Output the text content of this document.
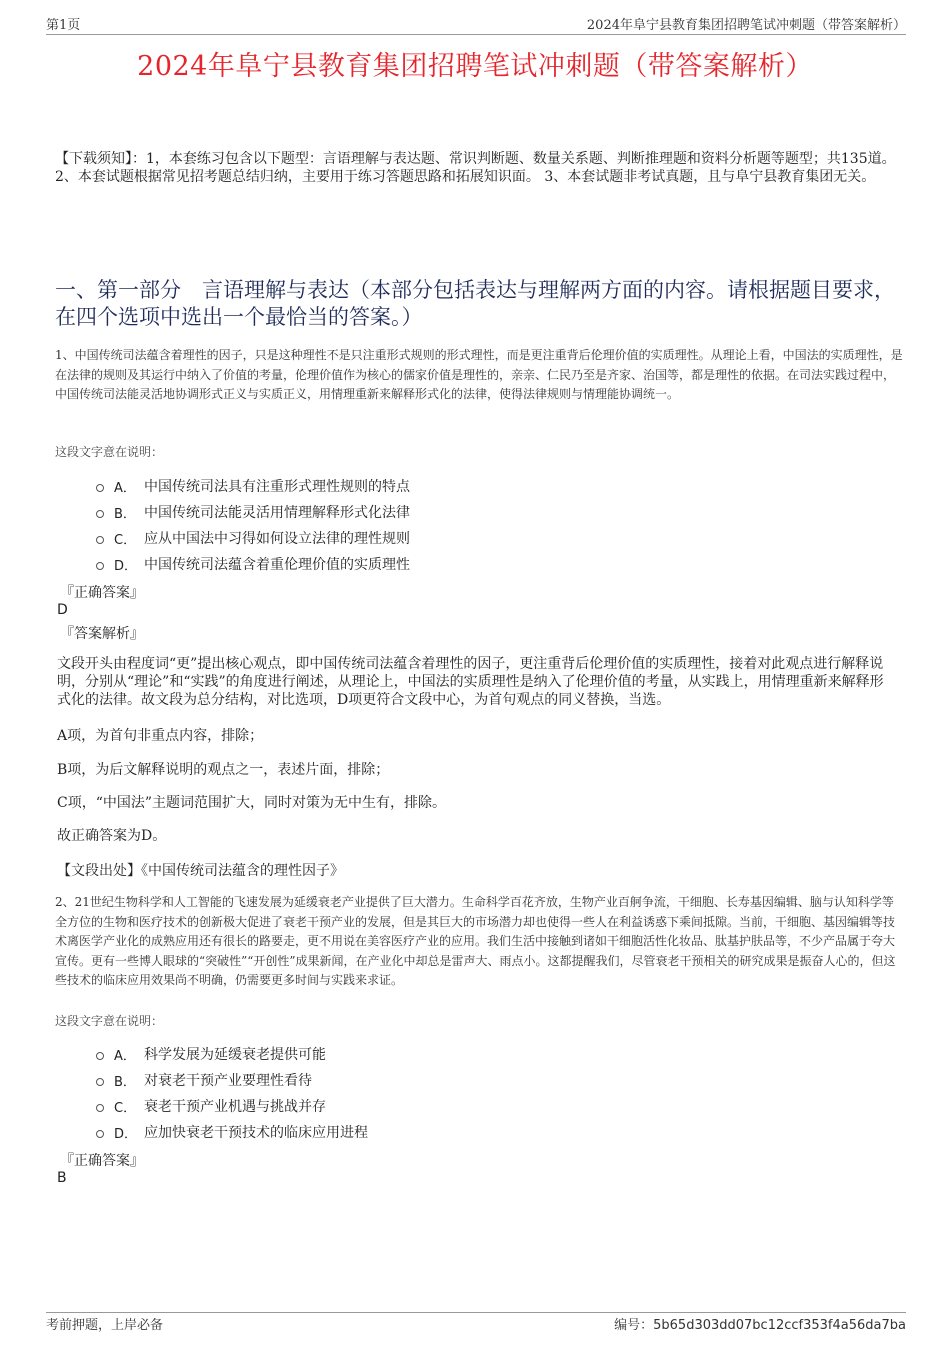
第1页	2024年阜宁县教育集团招聘笔试冲刺题（带答案解析）
2024年阜宁县教育集团招聘笔试冲刺题（带答案解析）
【下载须知】：1，本套练习包含以下题型：言语理解与表达题、常识判断题、数量关系题、判断推理题和资料分析题等题型；共135道。 2、本套试题根据常见招考题总结归纳，主要用于练习答题思路和拓展知识面。 3、本套试题非考试真题，且与阜宁县教育集团无关。
一、第一部分　言语理解与表达（本部分包括表达与理解两方面的内容。请根据题目要求，在四个选项中选出一个最恰当的答案。）
1、中国传统司法蕴含着理性的因子，只是这种理性不是只注重形式规则的形式理性，而是更注重背后伦理价值的实质理性。从理论上看，中国法的实质理性，是在法律的规则及其运行中纳入了价值的考量，伦理价值作为核心的儒家价值是理性的，亲亲、仁民乃至是齐家、治国等，都是理性的依据。在司法实践过程中，中国传统司法能灵活地协调形式正义与实质正义，用情理重新来解释形式化的法律，使得法律规则与情理能协调统一。
这段文字意在说明：
A． 中国传统司法具有注重形式理性规则的特点
B． 中国传统司法能灵活用情理解释形式化法律
C． 应从中国法中习得如何设立法律的理性规则
D． 中国传统司法蕴含着重伦理价值的实质理性
『正确答案』
D
『答案解析』
文段开头由程度词“更”提出核心观点，即中国传统司法蕴含着理性的因子，更注重背后伦理价值的实质理性，接着对此观点进行解释说明，分别从“理论”和“实践”的角度进行阐述，从理论上，中国法的实质理性是纳入了伦理价值的考量，从实践上，用情理重新来解释形式化的法律。故文段为总分结构，对比选项，D项更符合文段中心，为首句观点的同义替换，当选。
A项，为首句非重点内容，排除；
B项，为后文解释说明的观点之一，表述片面，排除；
C项，“中国法”主题词范围扩大，同时对策为无中生有，排除。
故正确答案为D。
【文段出处】《中国传统司法蕴含的理性因子》
2、21世纪生物科学和人工智能的飞速发展为延缓衰老产业提供了巨大潜力。生命科学百花齐放，生物产业百舸争流，干细胞、长寿基因编辑、脑与认知科学等全方位的生物和医疗技术的创新极大促进了衰老干预产业的发展，但是其巨大的市场潜力却也使得一些人在利益诱惑下乘间抵隙。当前，干细胞、基因编辑等技术离医学产业化的成熟应用还有很长的路要走，更不用说在美容医疗产业的应用。我们生活中接触到诸如干细胞活性化妆品、肽基护肤品等，不少产品属于夸大宣传。更有一些博人眼球的“突破性”“开创性”成果新闻，在产业化中却总是雷声大、雨点小。这都提醒我们，尽管衰老干预相关的研究成果是振奋人心的，但这些技术的临床应用效果尚不明确，仍需要更多时间与实践来求证。
这段文字意在说明：
A． 科学发展为延缓衰老提供可能
B． 对衰老干预产业要理性看待
C． 衰老干预产业机遇与挑战并存
D． 应加快衰老干预技术的临床应用进程
『正确答案』
B
考前押题，上岸必备	编号：5b65d303dd07bc12ccf353f4a56da7ba
